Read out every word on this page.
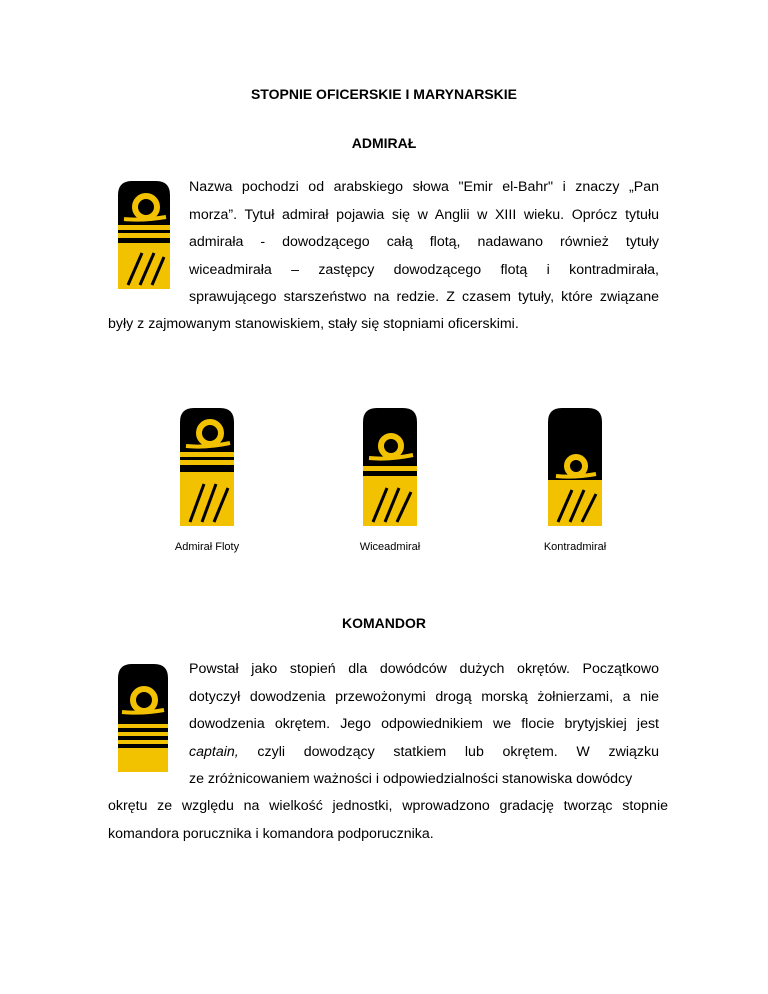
STOPNIE OFICERSKIE I MARYNARSKIE
ADMIRAŁ
Nazwa pochodzi od arabskiego słowa "Emir el-Bahr" i znaczy „Pan
morza”. Tytuł admirał pojawia się w Anglii w XIII wieku. Oprócz tytułu
admirała - dowodzącego całą flotą, nadawano również tytuły
wiceadmirała – zastępcy dowodzącego flotą i kontradmirała,
sprawującego starszeństwo na redzie. Z czasem tytuły, które związane
były z zajmowanym stanowiskiem, stały się stopniami oficerskimi.
Admirał Floty	Wiceadmirał	Kontradmirał
KOMANDOR
Powstał jako stopień dla dowódców dużych okrętów. Początkowo
dotyczył dowodzenia przewożonymi drogą morską żołnierzami, a nie
dowodzenia okrętem. Jego odpowiednikiem we flocie brytyjskiej jest
captain, czyli dowodzący statkiem lub okrętem. W związku
ze zróżnicowaniem ważności i odpowiedzialności stanowiska dowódcy
okrętu ze względu na wielkość jednostki, wprowadzono gradację tworząc stopnie
komandora porucznika i komandora podporucznika.
